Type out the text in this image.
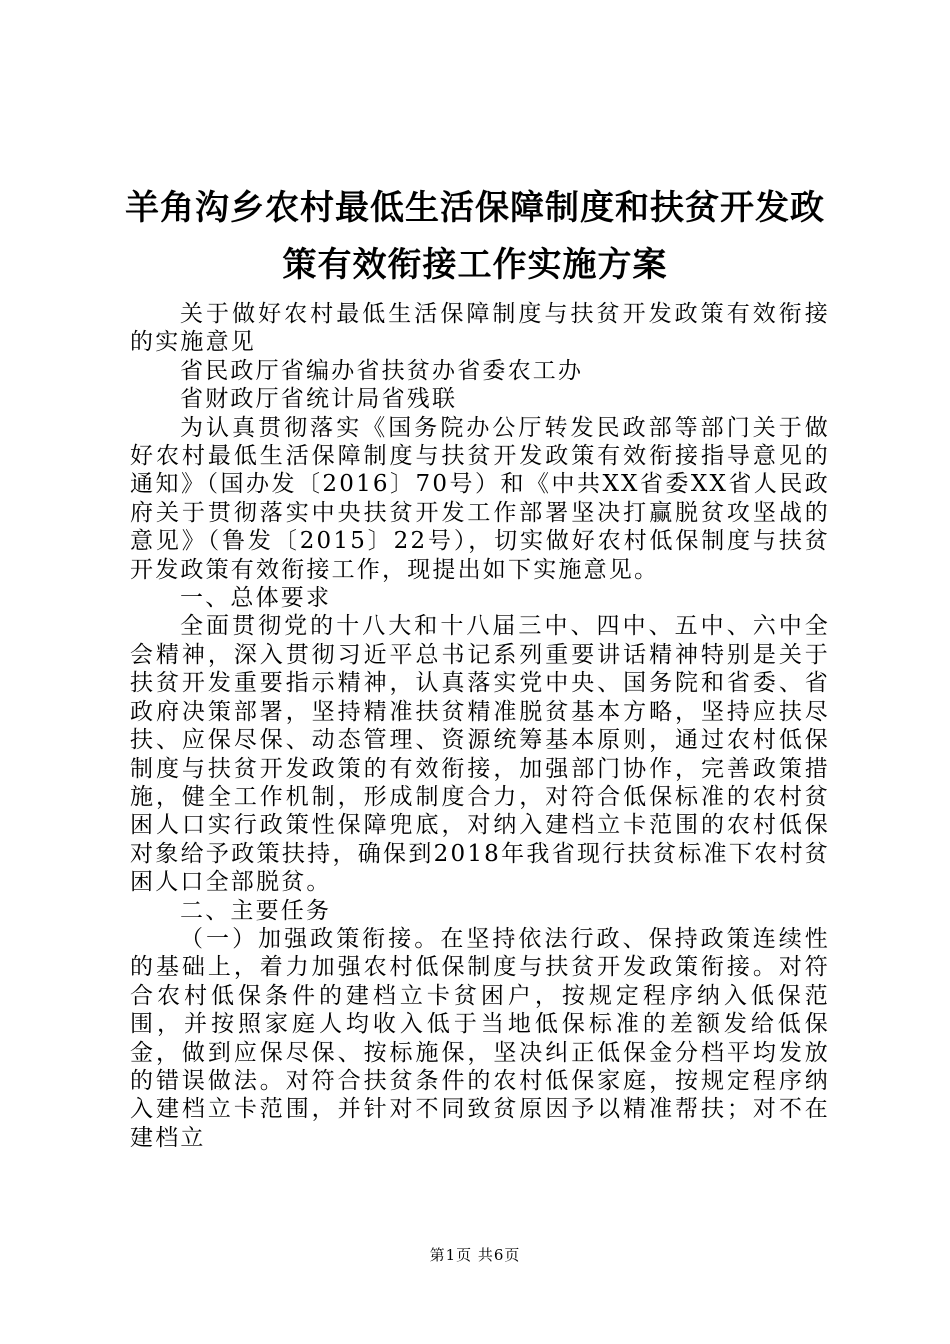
羊角沟乡农村最低生活保障制度和扶贫开发政
策有效衔接工作实施方案

关于做好农村最低生活保障制度与扶贫开发政策有效衔接的实施意见

省民政厅省编办省扶贫办省委农工办

省财政厅省统计局省残联

为认真贯彻落实《国务院办公厅转发民政部等部门关于做好农村最低生活保障制度与扶贫开发政策有效衔接指导意见的通知》（国办发〔2016〕70号）和《中共XX省委XX省人民政府关于贯彻落实中央扶贫开发工作部署坚决打赢脱贫攻坚战的意见》（鲁发〔2015〕22号），切实做好农村低保制度与扶贫开发政策有效衔接工作，现提出如下实施意见。

一、总体要求

全面贯彻党的十八大和十八届三中、四中、五中、六中全会精神，深入贯彻习近平总书记系列重要讲话精神特别是关于扶贫开发重要指示精神，认真落实党中央、国务院和省委、省政府决策部署，坚持精准扶贫精准脱贫基本方略，坚持应扶尽扶、应保尽保、动态管理、资源统筹基本原则，通过农村低保制度与扶贫开发政策的有效衔接，加强部门协作，完善政策措施，健全工作机制，形成制度合力，对符合低保标准的农村贫困人口实行政策性保障兜底，对纳入建档立卡范围的农村低保对象给予政策扶持，确保到2018年我省现行扶贫标准下农村贫困人口全部脱贫。

二、主要任务

（一）加强政策衔接。在坚持依法行政、保持政策连续性的基础上，着力加强农村低保制度与扶贫开发政策衔接。对符合农村低保条件的建档立卡贫困户，按规定程序纳入低保范围，并按照家庭人均收入低于当地低保标准的差额发给低保金，做到应保尽保、按标施保，坚决纠正低保金分档平均发放的错误做法。对符合扶贫条件的农村低保家庭，按规定程序纳入建档立卡范围，并针对不同致贫原因予以精准帮扶；对不在建档立

第1页 共6页
